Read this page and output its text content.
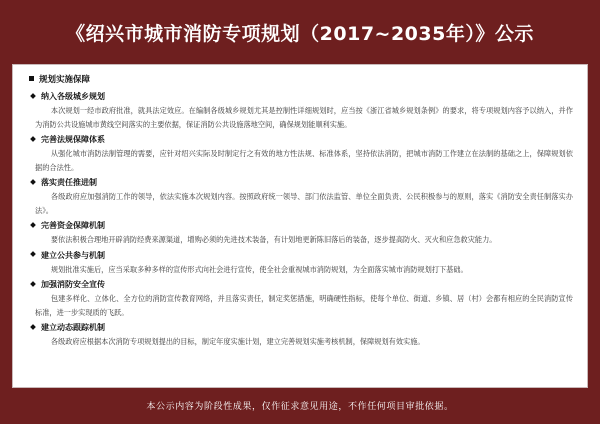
《绍兴市城市消防专项规划（2017~2035年）》公示
规划实施保障
纳入各级城乡规划

本次规划一经市政府批准，就具法定效应。在编制各级城乡规划尤其是控制性详细规划时，应当按《浙江省城乡规划条例》的要求，将专项规划内容予以纳入，并作为消防公共设施城市黄线空间落实的主要依据，保证消防公共设施落地空间，确保规划能顺利实施。

完善法规保障体系

从强化城市消防法制管理的需要，应针对绍兴实际及时制定行之有效的地方性法规、标准体系，坚持依法消防，把城市消防工作建立在法制的基础之上，保障规划依据的合法性。

落实责任推进制

各级政府应加强消防工作的领导，依法实施本次规划内容。按照政府统一领导、部门依法监管、单位全面负责、公民积极参与的原则，落实《消防安全责任制落实办法》。

完善资金保障机制

要依法积极合理地开辟消防经费来源渠道，增购必须的先进技术装备，有计划地更新陈旧落后的装备，逐步提高防火、灭火和应急救灾能力。

建立公共参与机制

规划批准实施后，应当采取多种多样的宣传形式向社会进行宣传，使全社会重视城市消防规划，为全面落实城市消防规划打下基础。

加强消防安全宣传

包建多样化、立体化、全方位的消防宣传教育网络，并且落实责任，制定奖惩措施，明确硬性指标，使每个单位、街道、乡镇、居（村）会都有相应的全民消防宣传标准，进一步实现质的飞跃。

建立动态跟踪机制

各级政府应根据本次消防专项规划提出的目标，制定年度实施计划，建立完善规划实施考核机制，保障规划有效实施。

本公示内容为阶段性成果，仅作征求意见用途，不作任何项目审批依据。
